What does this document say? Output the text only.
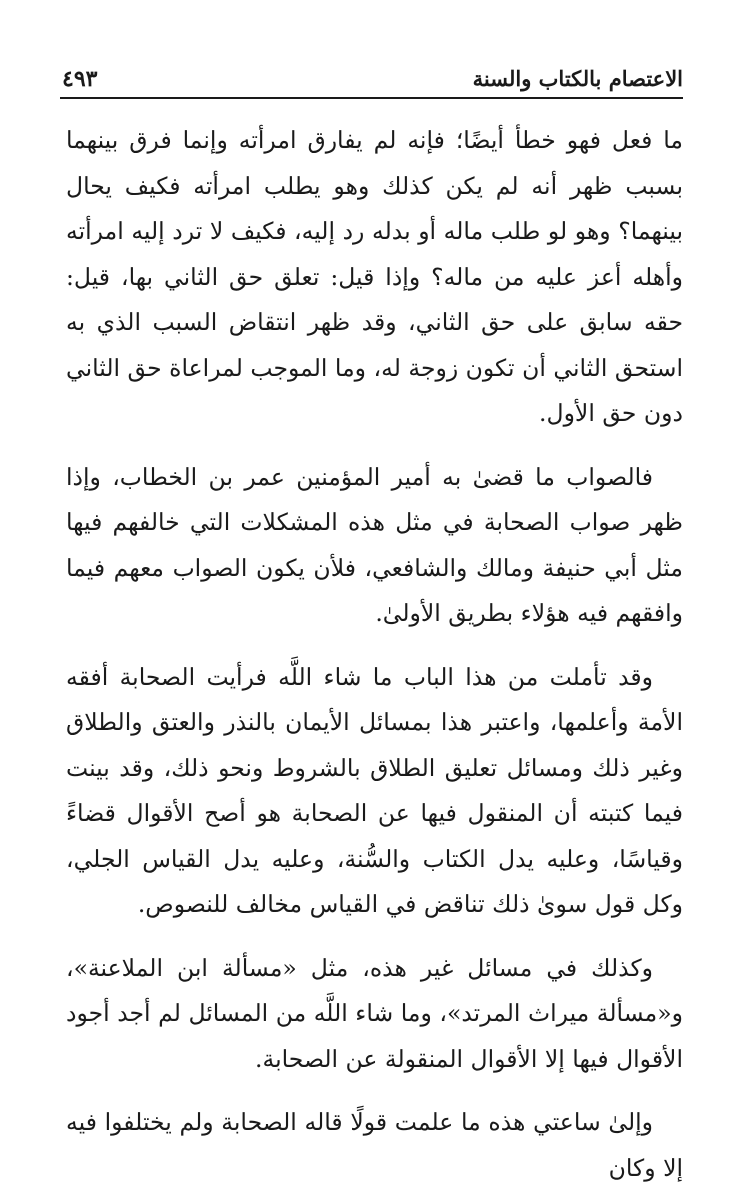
الاعتصام بالكتاب والسنة
٤٩٣

ما فعل فهو خطأ أيضًا؛ فإنه لم يفارق امرأته وإنما فرق بينهما بسبب ظهر أنه لم يكن كذلك وهو يطلب امرأته فكيف يحال بينهما؟ وهو لو طلب ماله أو بدله رد إليه، فكيف لا ترد إليه امرأته وأهله أعز عليه من ماله؟ وإذا قيل: تعلق حق الثاني بها، قيل: حقه سابق على حق الثاني، وقد ظهر انتقاض السبب الذي به استحق الثاني أن تكون زوجة له، وما الموجب لمراعاة حق الثاني دون حق الأول.

فالصواب ما قضىٰ به أمير المؤمنين عمر بن الخطاب، وإذا ظهر صواب الصحابة في مثل هذه المشكلات التي خالفهم فيها مثل أبي حنيفة ومالك والشافعي، فلأن يكون الصواب معهم فيما وافقهم فيه هؤلاء بطريق الأولىٰ.

وقد تأملت من هذا الباب ما شاء اللَّه فرأيت الصحابة أفقه الأمة وأعلمها، واعتبر هذا بمسائل الأيمان بالنذر والعتق والطلاق وغير ذلك ومسائل تعليق الطلاق بالشروط ونحو ذلك، وقد بينت فيما كتبته أن المنقول فيها عن الصحابة هو أصح الأقوال قضاءً وقياسًا، وعليه يدل الكتاب والسُّنة، وعليه يدل القياس الجلي، وكل قول سوىٰ ذلك تناقض في القياس مخالف للنصوص.

وكذلك في مسائل غير هذه، مثل «مسألة ابن الملاعنة»، و«مسألة ميراث المرتد»، وما شاء اللَّه من المسائل لم أجد أجود الأقوال فيها إلا الأقوال المنقولة عن الصحابة.

وإلىٰ ساعتي هذه ما علمت قولًا قاله الصحابة ولم يختلفوا فيه إلا وكان
